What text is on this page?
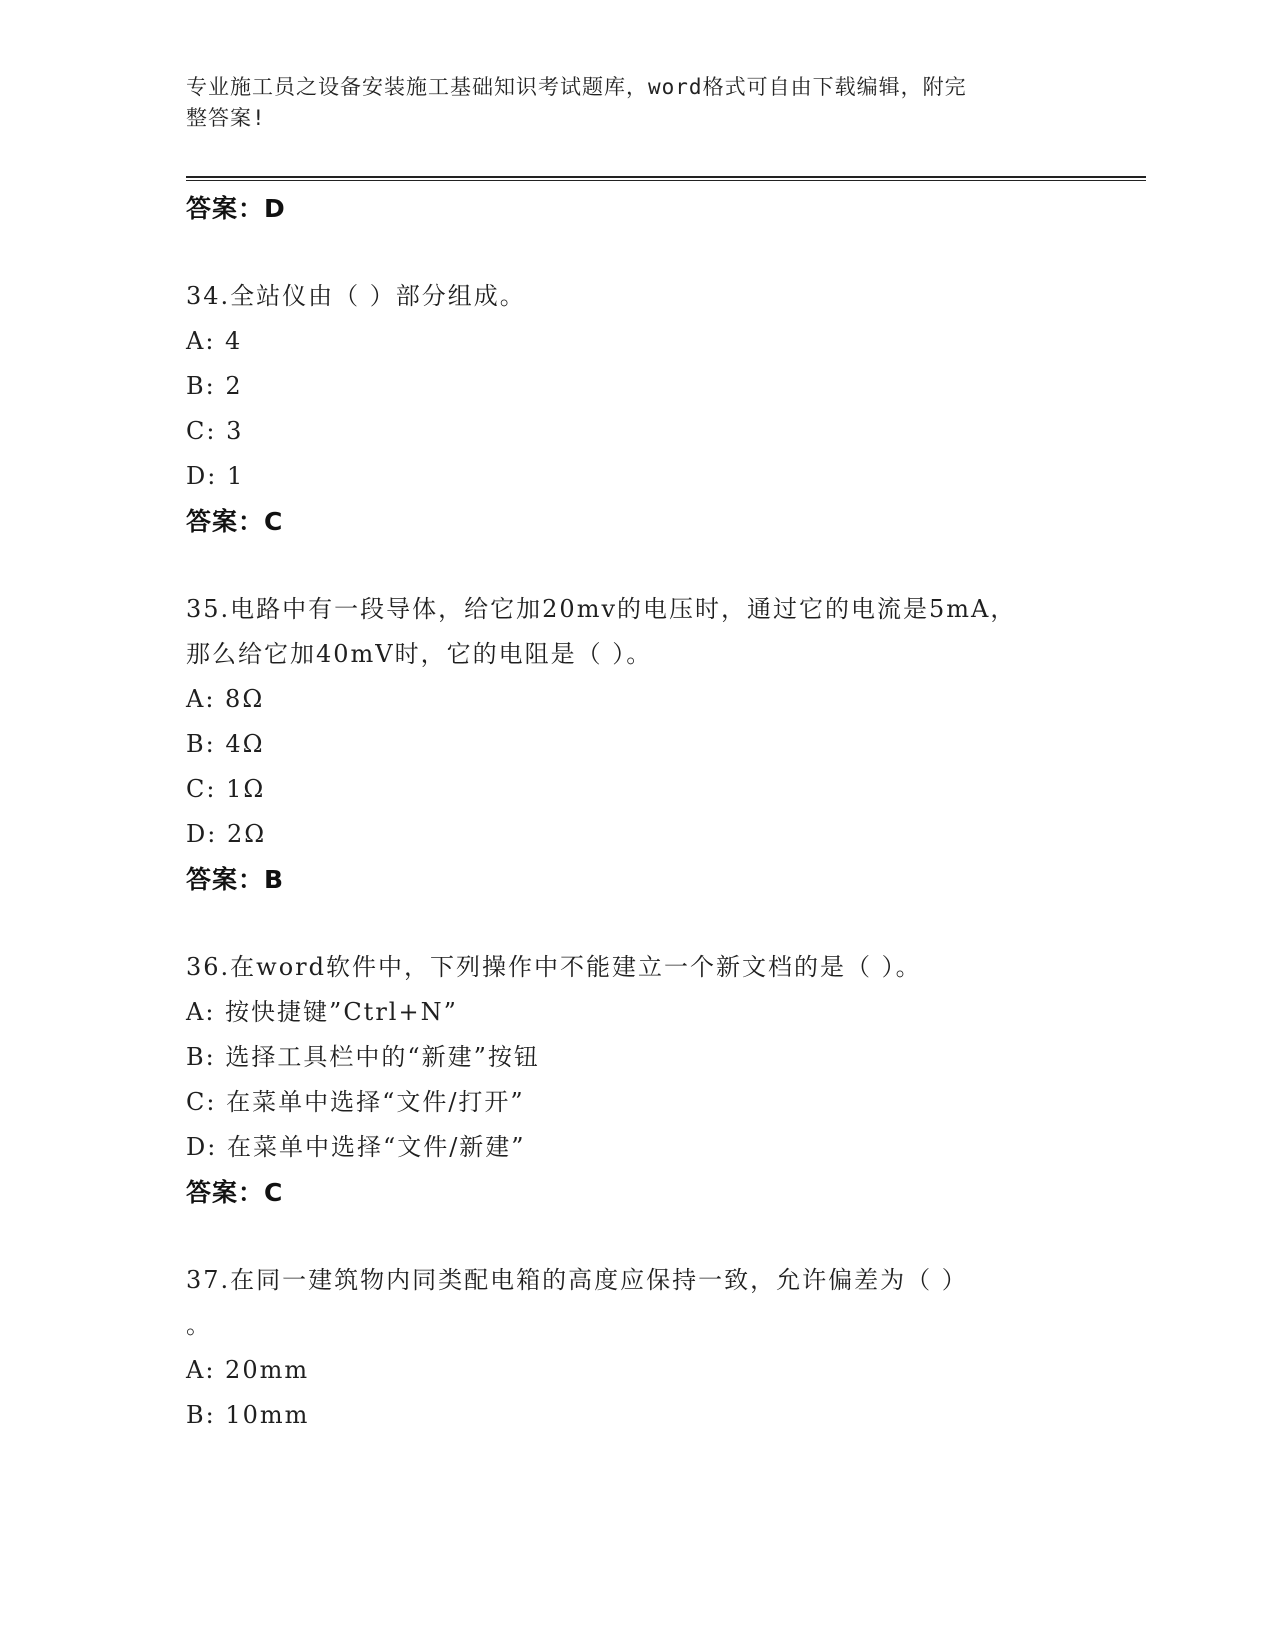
专业施工员之设备安装施工基础知识考试题库，word格式可自由下载编辑，附完
整答案!
答案：D
34.全站仪由（ ）部分组成。
A: 4
B: 2
C: 3
D: 1
答案：C
35.电路中有一段导体，给它加20mv的电压时，通过它的电流是5mA，
那么给它加40mV时，它的电阻是（ ）。
A: 8Ω
B: 4Ω
C: 1Ω
D: 2Ω
答案：B
36.在word软件中，下列操作中不能建立一个新文档的是（ ）。
A: 按快捷键”Ctrl+N”
B: 选择工具栏中的“新建”按钮
C: 在菜单中选择“文件/打开”
D: 在菜单中选择“文件/新建”
答案：C
37.在同一建筑物内同类配电箱的高度应保持一致，允许偏差为（ ）
。
A: 20mm
B: 10mm
